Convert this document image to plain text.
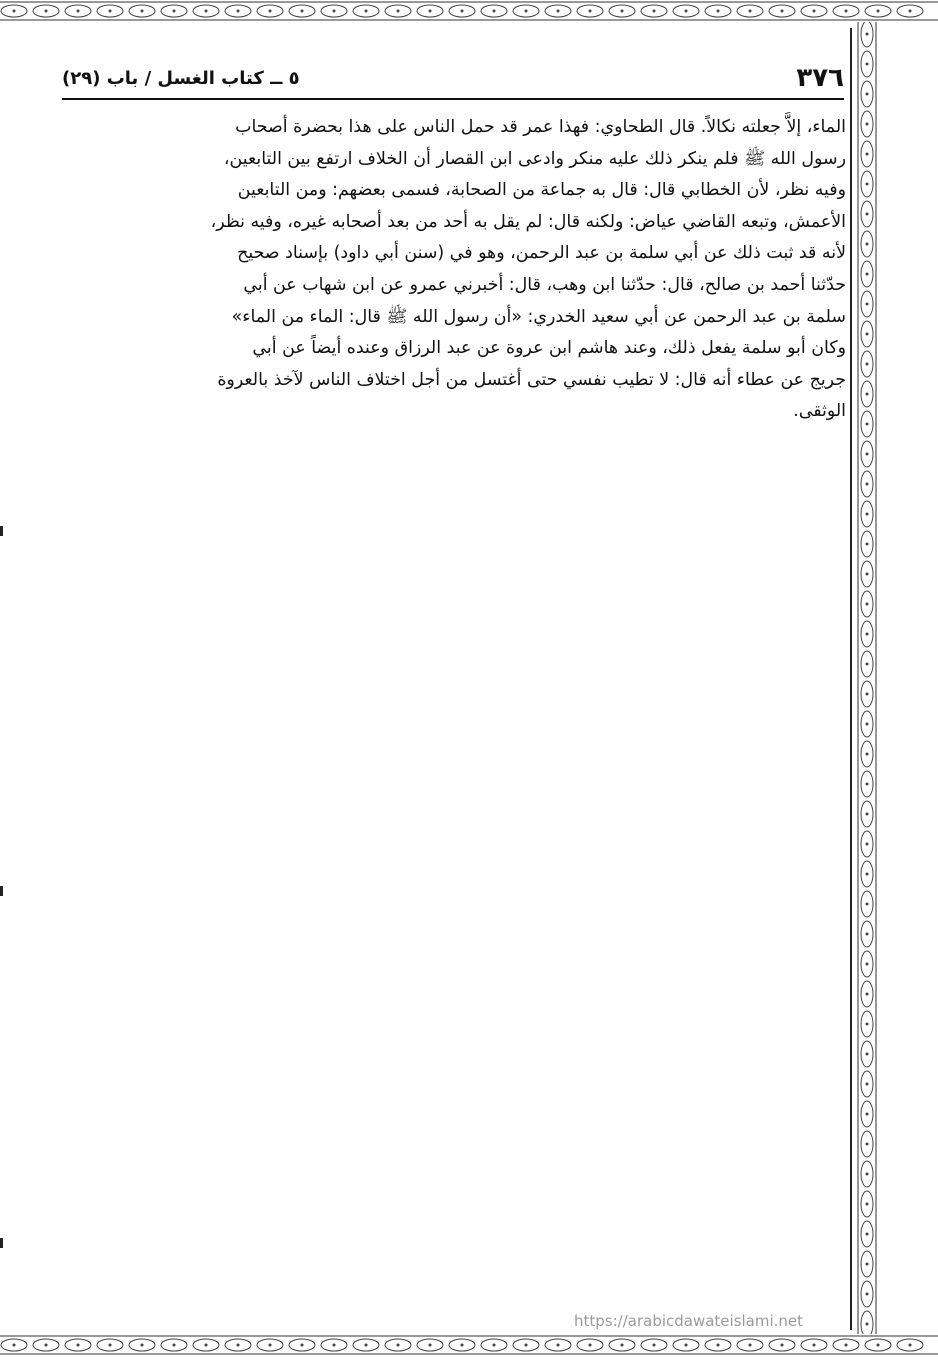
٣٧٦
٥ ــ كتاب الغسل / باب (٢٩)
الماء، إلاَّ جعلته نكالاً. قال الطحاوي: فهذا عمر قد حمل الناس على هذا بحضرة أصحاب
رسول الله ﷺ فلم ينكر ذلك عليه منكر وادعى ابن القصار أن الخلاف ارتفع بين التابعين،
وفيه نظر، لأن الخطابي قال: قال به جماعة من الصحابة، فسمى بعضهم: ومن التابعين
الأعمش، وتبعه القاضي عياض: ولكنه قال: لم يقل به أحد من بعد أصحابه غيره، وفيه نظر،
لأنه قد ثبت ذلك عن أبي سلمة بن عبد الرحمن، وهو في (سنن أبي داود) بإسناد صحيح
حدّثنا أحمد بن صالح، قال: حدّثنا ابن وهب، قال: أخبرني عمرو عن ابن شهاب عن أبي
سلمة بن عبد الرحمن عن أبي سعيد الخدري: «أن رسول الله ﷺ قال: الماء من الماء»
وكان أبو سلمة يفعل ذلك، وعند هاشم ابن عروة عن عبد الرزاق وعنده أيضاً عن أبي
جريج عن عطاء أنه قال: لا تطيب نفسي حتى أغتسل من أجل اختلاف الناس لآخذ بالعروة
الوثقى.
https://arabicdawateislami.net
